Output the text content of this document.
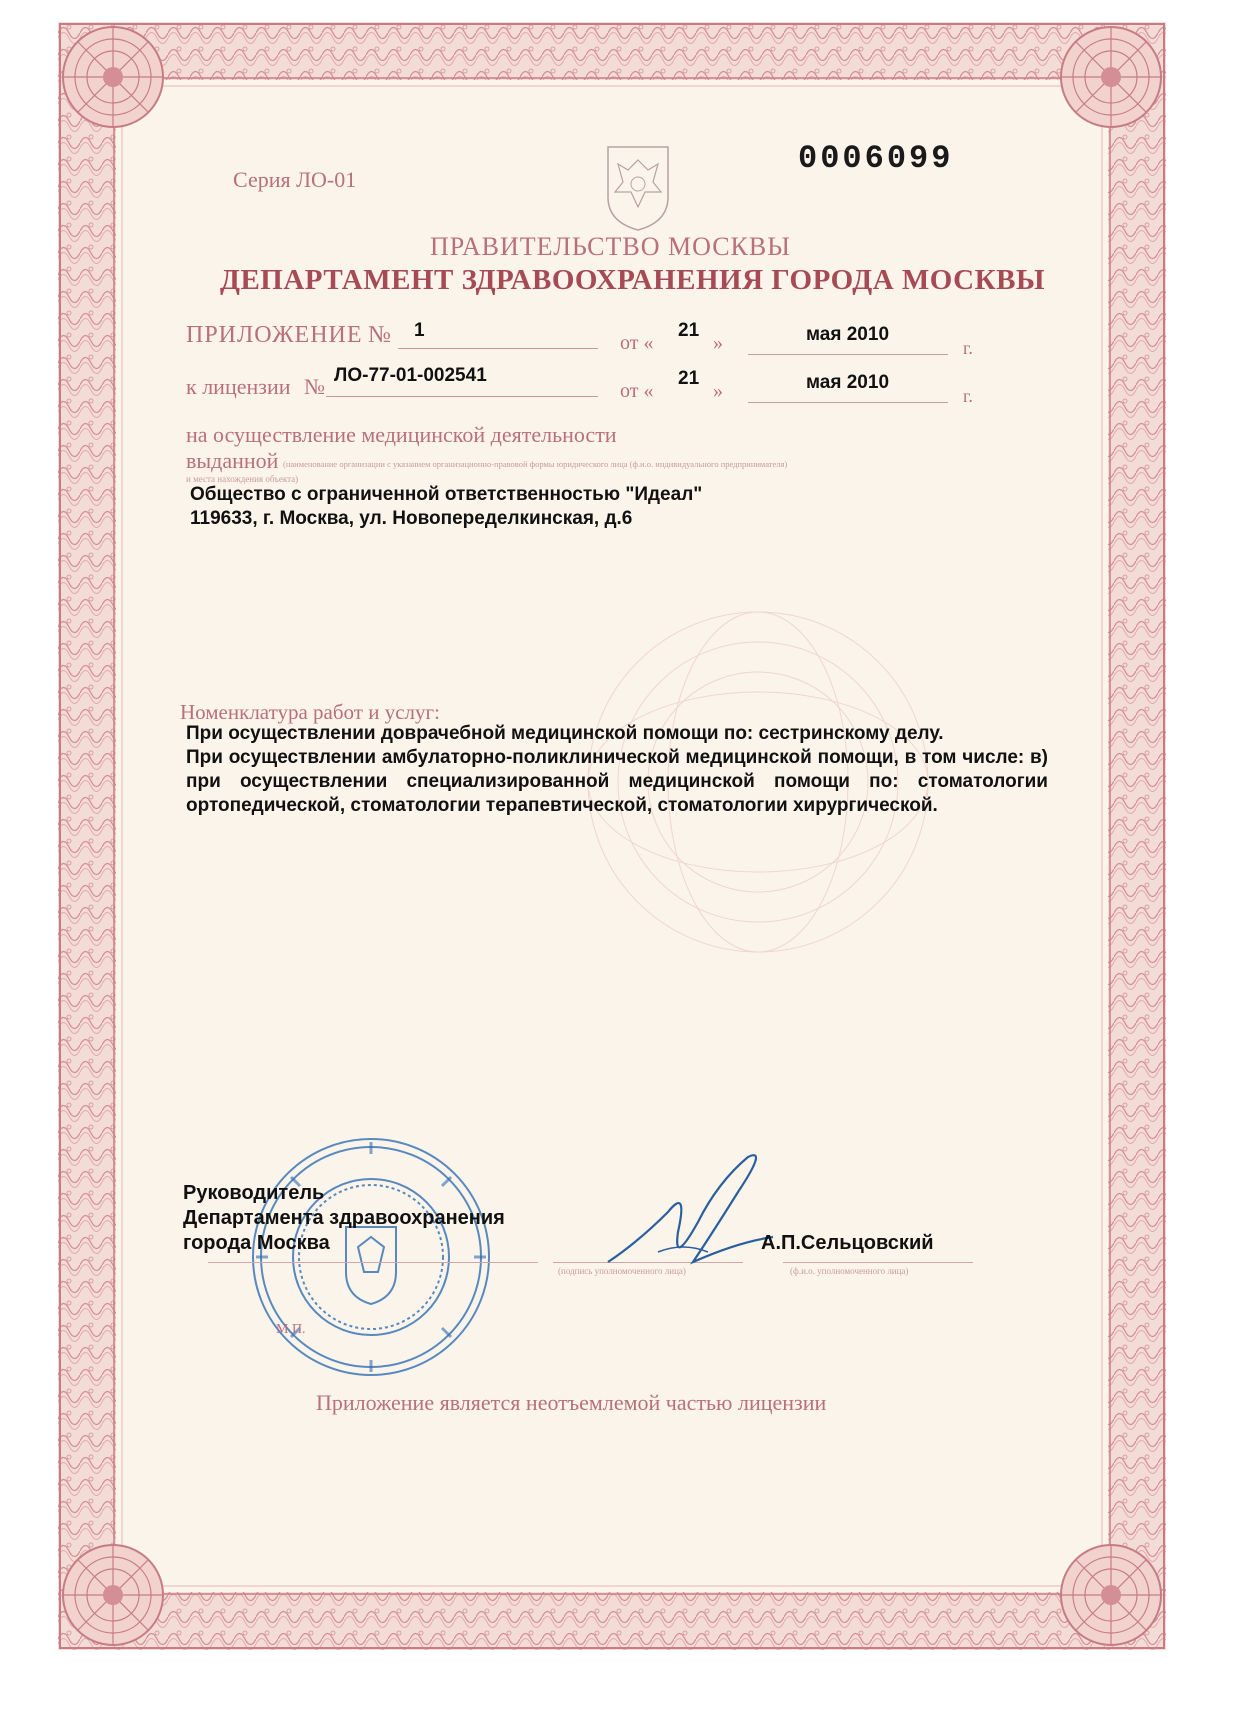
Серия ЛО-01
0006099
ПРАВИТЕЛЬСТВО МОСКВЫ
ДЕПАРТАМЕНТ ЗДРАВООХРАНЕНИЯ ГОРОДА МОСКВЫ
ПРИЛОЖЕНИЕ № 1
от «
21
»	мая 2010
г.
к лицензии № ЛО-77-01-002541
от «
21
»	мая 2010
г.
на осуществление медицинской деятельности
выданной (наименование организации с указанием организационно-правовой формы юридического лица (ф.и.о. индивидуального предпринимателя)
и места нахождения объекта)
Общество с ограниченной ответственностью "Идеал"
119633, г. Москва, ул. Новопеределкинская, д.6
Номенклатура работ и услуг:

При осуществлении доврачебной медицинской помощи по: сестринскому делу.

При осуществлении амбулаторно-поликлинической медицинской помощи, в том числе: в) при осуществлении специализированной медицинской помощи по: стоматологии ортопедической, стоматологии терапевтической, стоматологии хирургической.

Руководитель
Департамента здравоохранения
города Москва
(подпись уполномоченного лица)	(ф.и.о. уполномоченного лица)
А.П.Сельцовский
М.П.
Приложение является неотъемлемой частью лицензии
